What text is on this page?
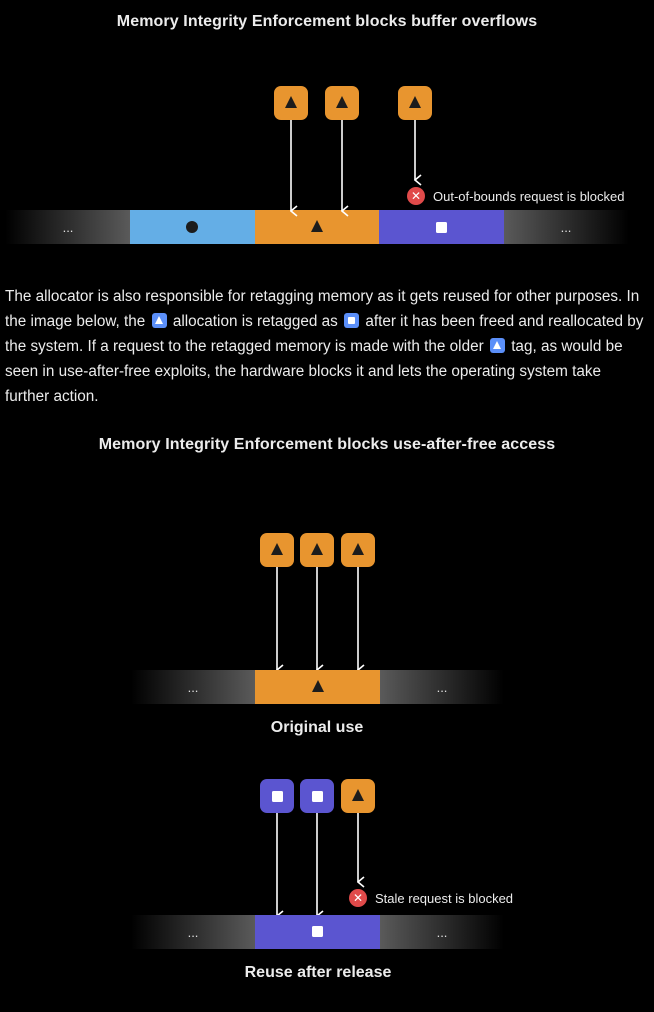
Memory Integrity Enforcement blocks buffer overflows
...	...
✕ Out-of-bounds request is blocked
The allocator is also responsible for retagging memory as it gets reused for other purposes. In the image below, the allocation is retagged as after it has been freed and reallocated by the system. If a request to the retagged memory is made with the older tag, as would be seen in use-after-free exploits, the hardware blocks it and lets the operating system take further action.
Memory Integrity Enforcement blocks use-after-free access
...	...
...	...
Original use
✕ Stale request is blocked
Reuse after release
